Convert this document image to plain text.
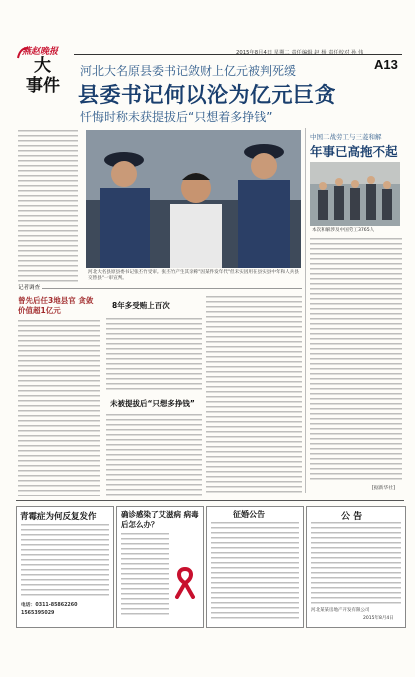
燕赵晚报
大
事件
2015年8月4日 星期二 责任编辑 赵 杨 责任校对 孙 伟
A13
河北大名原县委书记敛财上亿元被判死缓
县委书记何以沦为亿元巨贪
忏悔时称未获提拔后“只想着多挣钱”
河北大名县原县委书记张丕竹受审。张丕竹产生其亲称"因某件发年代"但未实因用在县实县中年和人兵县交替县"一审宣判。
中国二战劳工与三菱和解
年事已高拖不起
本次和解涉及中国劳工3765人
[据新华社]
记者调查
曾先后任3地县官 贪敛价值超1亿元
8年多受贿上百次
未被提拔后“只想多挣钱”
青霉症为何反复发作
电话：0311-85862260
1565395029
确诊感染了艾滋病 病毒后怎么办？
征婚公告	公 告
河北某某房地产开发有限公司
2015年8月4日
